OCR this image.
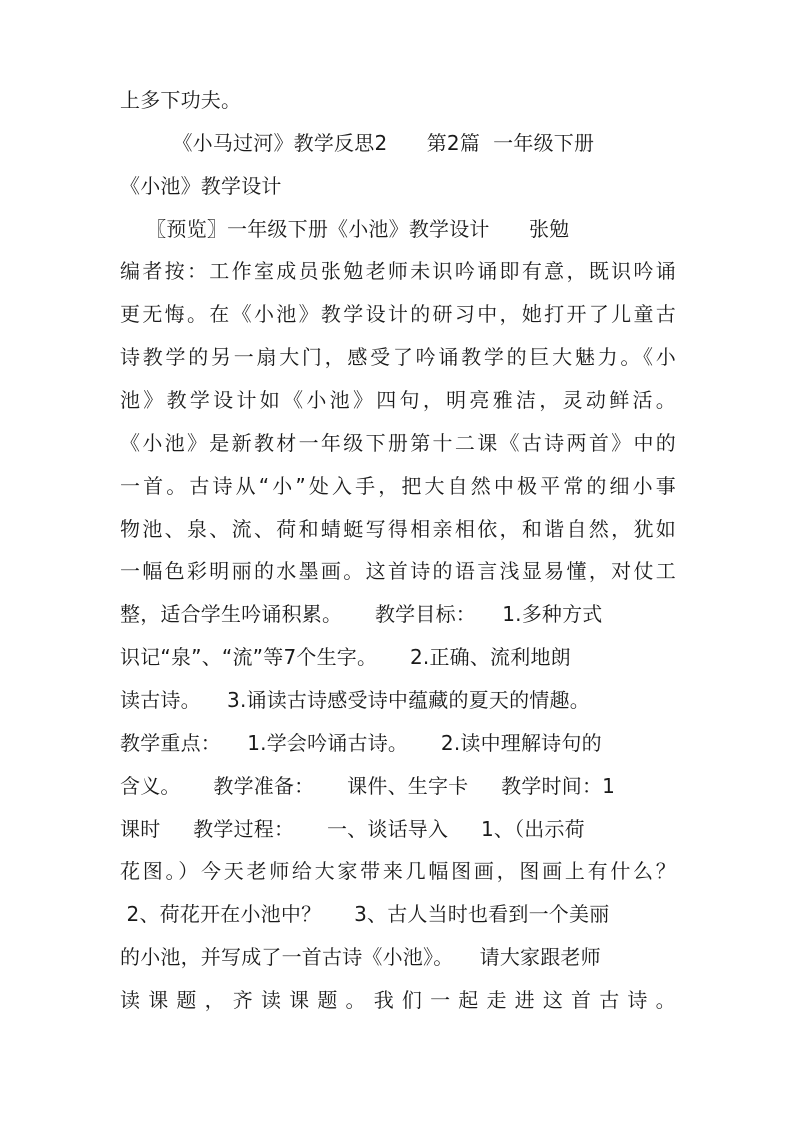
上多下功夫。
《小马过河》教学反思2      第2篇  一年级下册
《小池》教学设计
〖预览〗一年级下册《小池》教学设计      张勉
编者按：工作室成员张勉老师未识吟诵即有意，既识吟诵
更无悔。在《小池》教学设计的研习中，她打开了儿童古
诗教学的另一扇大门，感受了吟诵教学的巨大魅力。《小
池》教学设计如《小池》四句，明亮雅洁，灵动鲜活。
《小池》是新教材一年级下册第十二课《古诗两首》中的
一首。古诗从“小”处入手，把大自然中极平常的细小事
物池、泉、流、荷和蜻蜓写得相亲相依，和谐自然，犹如
一幅色彩明丽的水墨画。这首诗的语言浅显易懂，对仗工
整，适合学生吟诵积累。     教学目标：    1.多种方式
识记“泉”、“流”等7个生字。     2.正确、流利地朗
读古诗。    3.诵读古诗感受诗中蕴藏的夏天的情趣。
教学重点：    1.学会吟诵古诗。     2.读中理解诗句的
含义。     教学准备：     课件、生字卡     教学时间：1
课时     教学过程：     一、谈话导入     1、（出示荷
花图。）今天老师给大家带来几幅图画，图画上有什么？
2、荷花开在小池中？     3、古人当时也看到一个美丽
的小池，并写成了一首古诗《小池》。    请大家跟老师
读 课 题 ， 齐 读 课 题 。 我 们 一 起 走 进 这 首 古 诗 。
